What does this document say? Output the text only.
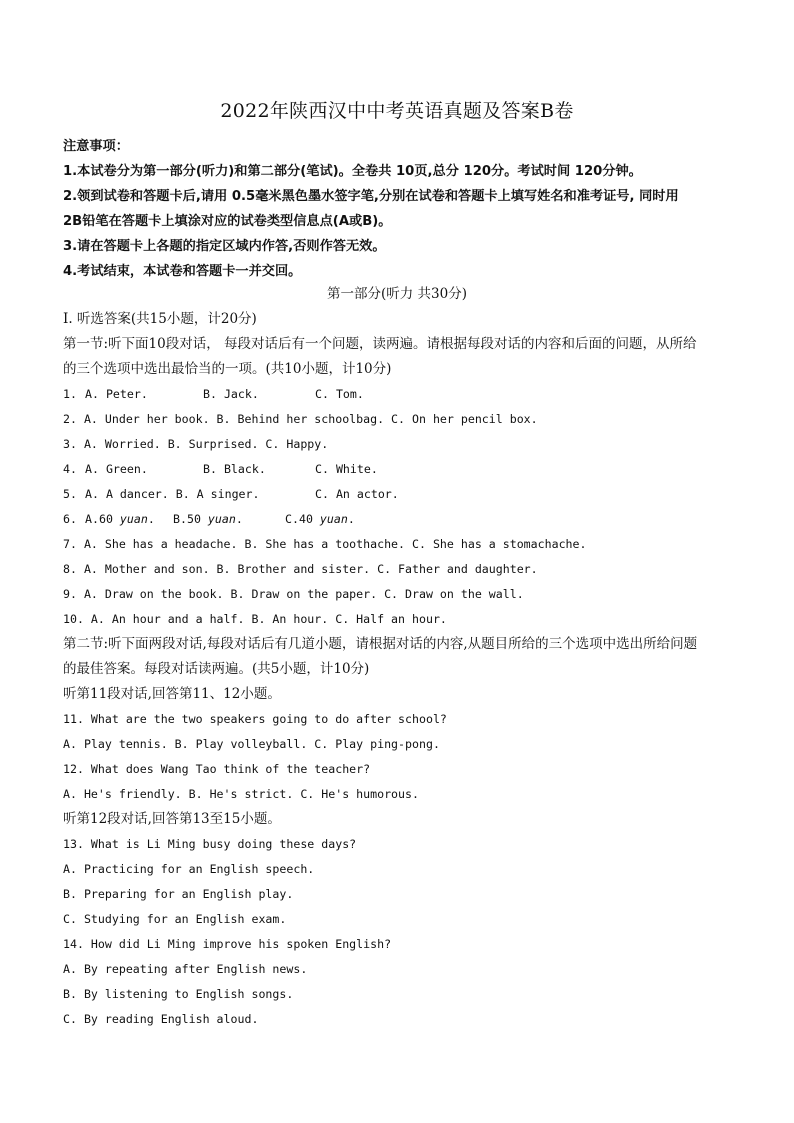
2022年陕西汉中中考英语真题及答案B卷
注意事项：
1.本试卷分为第一部分(听力)和第二部分(笔试)。全卷共 10页,总分 120分。考试时间 120分钟。
2.领到试卷和答题卡后,请用 0.5毫米黑色墨水签字笔,分别在试卷和答题卡上填写姓名和准考证号, 同时用
2B铅笔在答题卡上填涂对应的试卷类型信息点(A或B)。
3.请在答题卡上各题的指定区域内作答,否则作答无效。
4.考试结束，本试卷和答题卡一并交回。
第一部分(听力 共30分)
I. 听选答案(共15小题，计20分)
第一节:听下面10段对话， 每段对话后有一个问题，读两遍。请根据每段对话的内容和后面的问题，从所给
的三个选项中选出最恰当的一项。(共10小题，计10分)
1. A. Peter.	B. Jack.	C. Tom.
2. A. Under her book. B. Behind her schoolbag. C. On her pencil box.
3. A. Worried. B. Surprised. C. Happy.
4. A. Green.	B. Black.	C. White.
5. A. A dancer. B. A singer.	C. An actor.
6. A.60 yuan. B.50 yuan.	C.40 yuan.
7. A. She has a headache. B. She has a toothache. C. She has a stomachache.
8. A. Mother and son. B. Brother and sister. C. Father and daughter.
9. A. Draw on the book. B. Draw on the paper. C. Draw on the wall.
10. A. An hour and a half. B. An hour. C. Half an hour.
第二节:听下面两段对话,每段对话后有几道小题，请根据对话的内容,从题目所给的三个选项中选出所给问题
的最佳答案。每段对话读两遍。(共5小题，计10分)
听第11段对话,回答第11、12小题。
11. What are the two speakers going to do after school?
A. Play tennis. B. Play volleyball. C. Play ping-pong.
12. What does Wang Tao think of the teacher?
A. He's friendly. B. He's strict. C. He's humorous.
听第12段对话,回答第13至15小题。
13. What is Li Ming busy doing these days?
A. Practicing for an English speech.
B. Preparing for an English play.
C. Studying for an English exam.
14. How did Li Ming improve his spoken English?
A. By repeating after English news.
B. By listening to English songs.
C. By reading English aloud.
